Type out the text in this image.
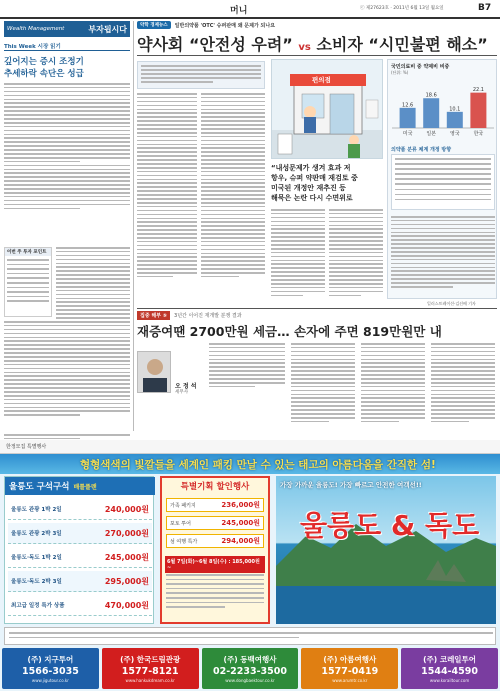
머니	ⓒ 제27623호 · 2011년 6월 13일 월요일	B7
Wealth Management	부자됩시다
This Week 시장 읽기
깊어지는 증시 조정기
추세하락 속단은 성급
이번 주 투자 포인트
약학 경제뉴스	일반의약품 'OTC' 슈퍼판매 왜 문제가 되나요
약사회 “안전성 우려” vs 소비자 “시민불편 해소”
편의점
“내성문제가 생겨 효과 저
항우, 슈퍼 약판매 재검토 중
미국된 개정안 재추진 등
해묵은 논란 다시 수면위로
국민의료비 중 약제비 비중
(단위: %)
12.6
미국
18.6
일본
10.1
영국
22.1
한국
의약품 분류 체계 개정 방향
일러스트레이션·김선배 기자
집중 해부 ⑤	3년간 이어진 재개발 분쟁 결과
재증여땐 2700만원 세금… 손자에 주면 819만원만 내
오 정 석
세무사
한정모집 특별행사
형형색색의 빛깔들을 세계인 패킹 만날 수 있는 태고의 아름다움을 간직한 섬!
울릉도 구석구석 배틀플랜
울릉도 관광 1박 2일	240,000원
울릉도 관광 2박 3일	270,000원
울릉도·독도 1박 2일	245,000원
울릉도·독도 2박 3일	295,000원
최고급 일정 특가 상품	470,000원
특별기획 할인행사
가족 패키지	236,000원
포토 투어	245,000원
섬 여행 특가	294,000원
6월 7일(화)~6월 8일(수) : 185,000원~
가장 가까운 울릉도! 가장 빠르고 안전한 여객선!!
울릉도 & 독도
(주) 지구투어
1566-3035
www.jigutour.co.kr
(주) 한국드림관광
1577-8121
www.hankukdream.co.kr
(주) 동백여행사
02-2233-3500
www.dongbaektour.co.kr
(주) 아름여행사
1577-0419
www.arumtr.co.kr
(주) 코레일투어
1544-4590
www.korailtour.com
